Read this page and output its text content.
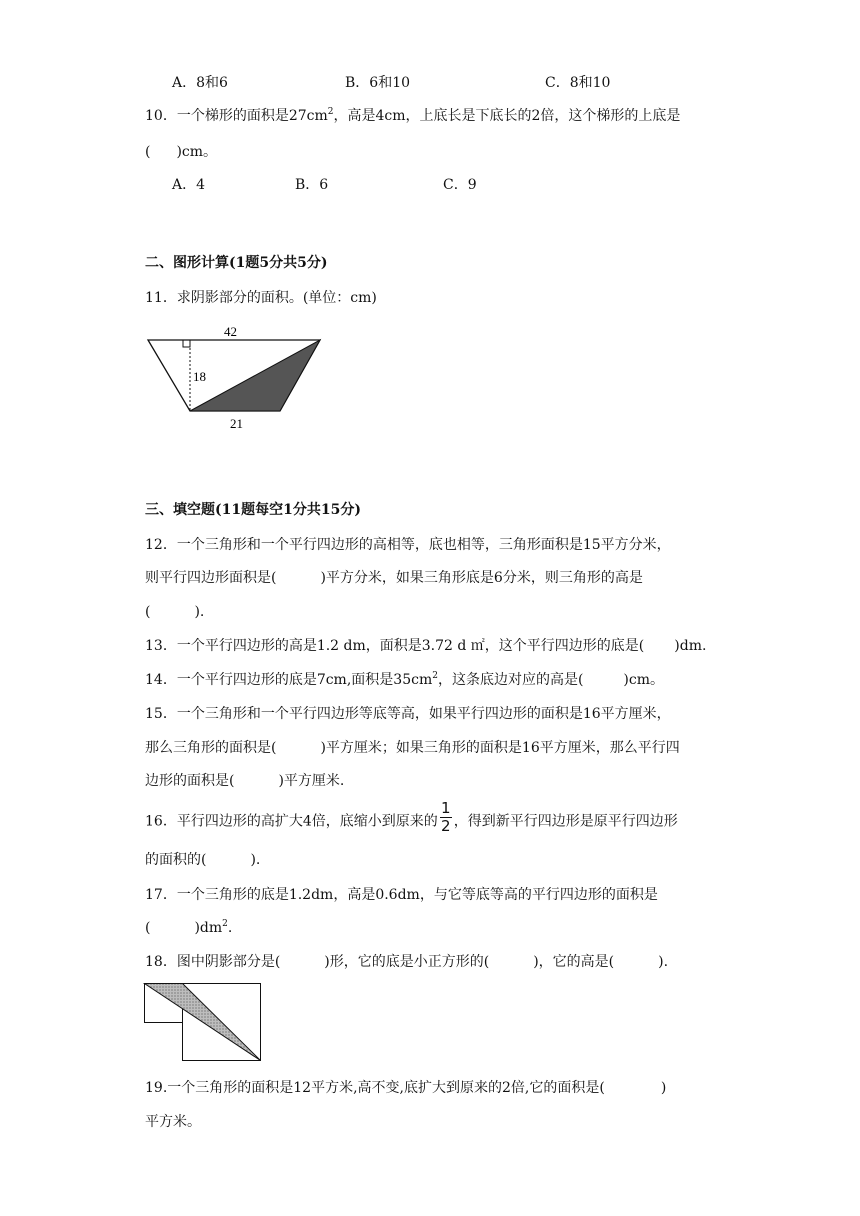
A．8和6	B．6和10	C．8和10
10．一个梯形的面积是$27cm^2$，高是4cm，上底长是下底长的2倍，这个梯形的上底是
( )cm。
A．4	B．6	C．9
二、图形计算(1题5分共5分)
11．求阴影部分的面积。(单位：cm)
42
18
21
三、填空题(11题每空1分共15分)
12．一个三角形和一个平行四边形的高相等，底也相等，三角形面积是15平方分米，
则平行四边形面积是(	)平方分米，如果三角形底是6分米，则三角形的高是
(	).
13．一个平行四边形的高是1.2 dm，面积是3.72 d ㎡，这个平行四边形的底是( )dm.
14．一个平行四边形的底是7cm,面积是$35cm^2$，这条底边对应的高是(	)cm。
15．一个三角形和一个平行四边形等底等高，如果平行四边形的面积是16平方厘米，
那么三角形的面积是(	)平方厘米；如果三角形的面积是16平方厘米，那么平行四
边形的面积是(	)平方厘米.
16．平行四边形的高扩大4倍，底缩小到原来的 $\frac{1}{2}$ ，得到新平行四边形是原平行四边形
的面积的(	).
17．一个三角形的底是1.2dm，高是0.6dm，与它等底等高的平行四边形的面积是
(	)$dm^2$.
18．图中阴影部分是(	)形，它的底是小正方形的(	)，它的高是(	).
19.一个三角形的面积是12平方米,高不变,底扩大到原来的2倍,它的面积是(	)
平方米。
